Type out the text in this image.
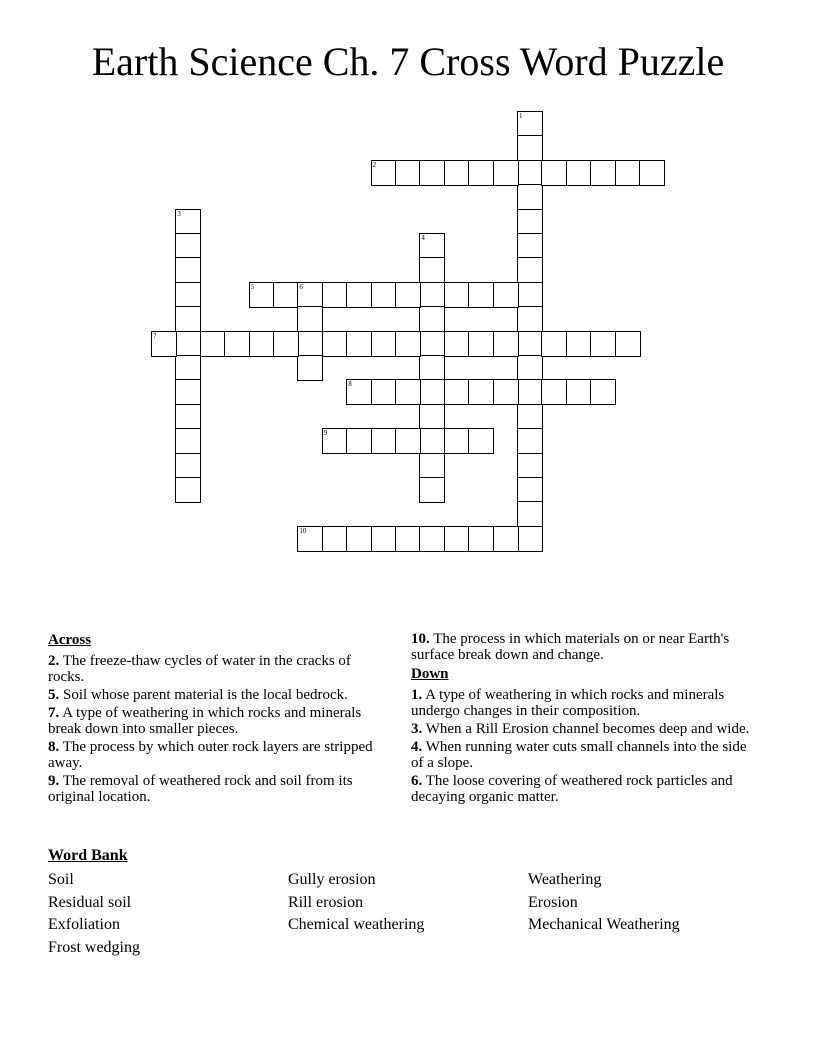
Earth Science Ch. 7 Cross Word Puzzle
1
2
3
4
5	6
7
8
9
10
Across

2. The freeze-thaw cycles of water in the cracks of rocks.

5. Soil whose parent material is the local bedrock.

7. A type of weathering in which rocks and minerals break down into smaller pieces.

8. The process by which outer rock layers are stripped away.

9. The removal of weathered rock and soil from its original location.

10. The process in which materials on or near Earth's surface break down and change.

Down

1. A type of weathering in which rocks and minerals undergo changes in their composition.

3. When a Rill Erosion channel becomes deep and wide.

4. When running water cuts small channels into the side of a slope.

6. The loose covering of weathered rock particles and decaying organic matter.

Word Bank
Soil
Residual soil
Exfoliation
Frost wedging
Gully erosion
Rill erosion
Chemical weathering
Weathering
Erosion
Mechanical Weathering
